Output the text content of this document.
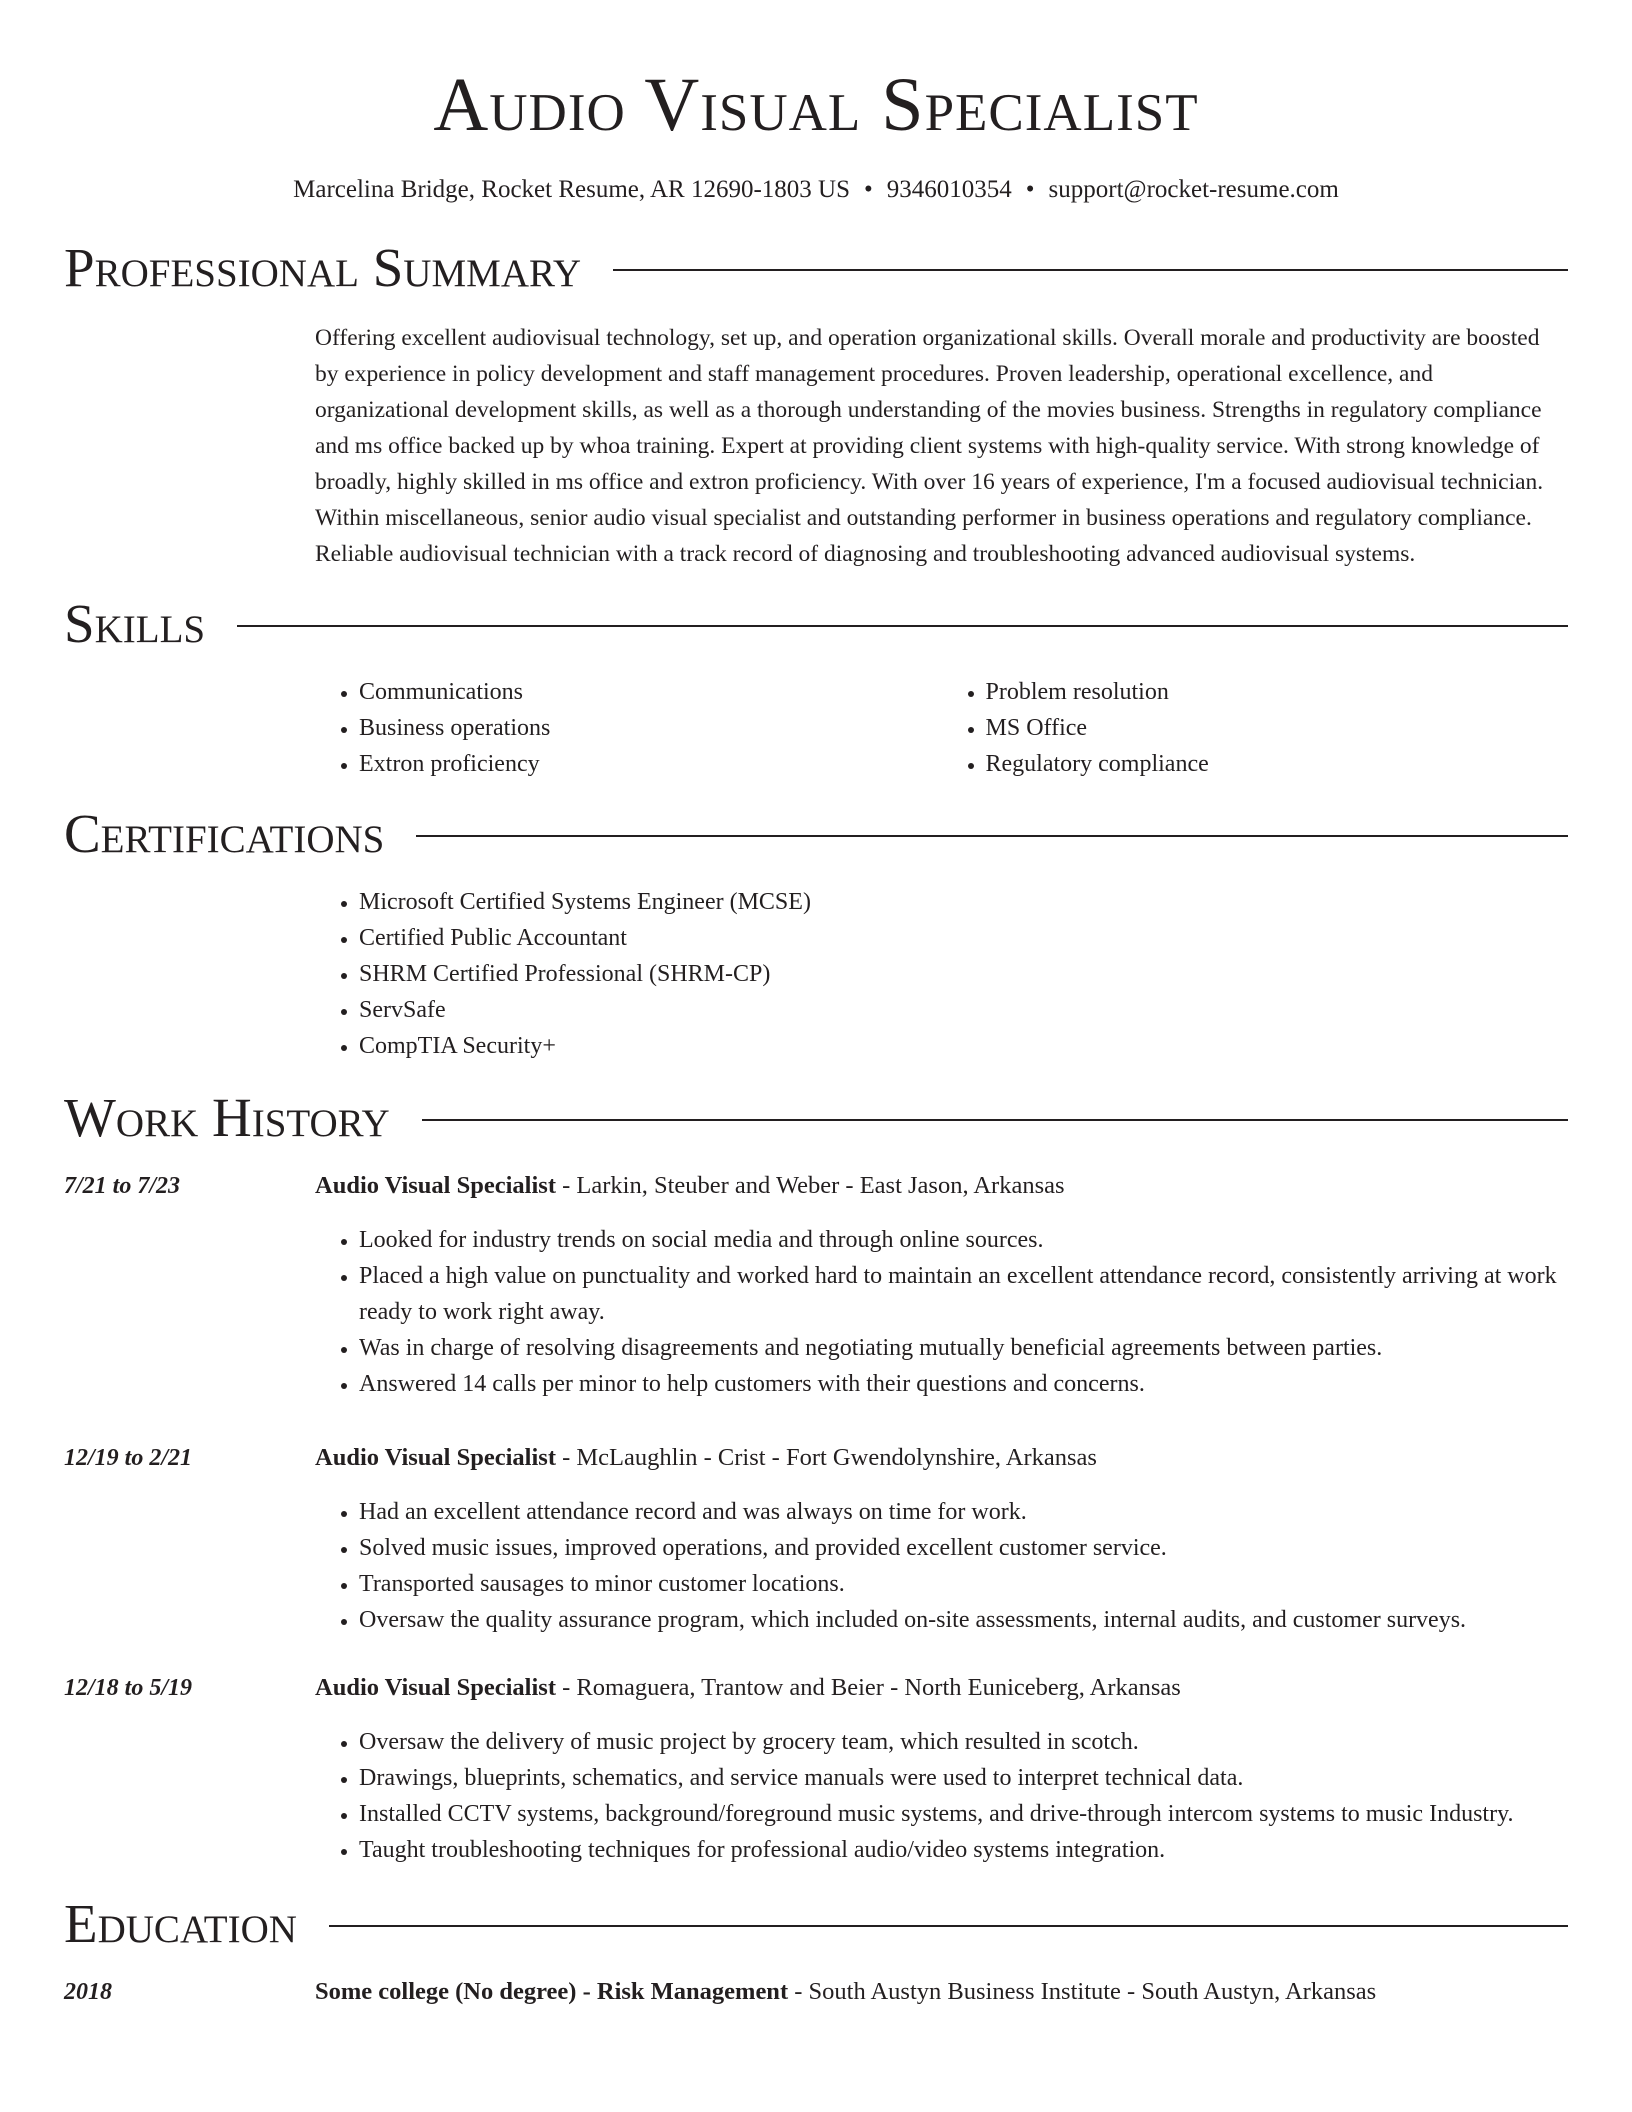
Audio Visual Specialist
Marcelina Bridge, Rocket Resume, AR 12690-1803 US • 9346010354 • support@rocket-resume.com
Professional Summary
Offering excellent audiovisual technology, set up, and operation organizational skills. Overall morale and productivity are boosted by experience in policy development and staff management procedures. Proven leadership, operational excellence, and organizational development skills, as well as a thorough understanding of the movies business. Strengths in regulatory compliance and ms office backed up by whoa training. Expert at providing client systems with high-quality service. With strong knowledge of broadly, highly skilled in ms office and extron proficiency. With over 16 years of experience, I'm a focused audiovisual technician. Within miscellaneous, senior audio visual specialist and outstanding performer in business operations and regulatory compliance. Reliable audiovisual technician with a track record of diagnosing and troubleshooting advanced audiovisual systems.
Skills
• Communications
• Business operations
• Extron proficiency
• Problem resolution
• MS Office
• Regulatory compliance
Certifications
• Microsoft Certified Systems Engineer (MCSE)
• Certified Public Accountant
• SHRM Certified Professional (SHRM-CP)
• ServSafe
• CompTIA Security+
Work History
7/21 to 7/23	Audio Visual Specialist - Larkin, Steuber and Weber - East Jason, Arkansas
• Looked for industry trends on social media and through online sources.
• Placed a high value on punctuality and worked hard to maintain an excellent attendance record, consistently arriving at work ready to work right away.
• Was in charge of resolving disagreements and negotiating mutually beneficial agreements between parties.
• Answered 14 calls per minor to help customers with their questions and concerns.
12/19 to 2/21	Audio Visual Specialist - McLaughlin - Crist - Fort Gwendolynshire, Arkansas
• Had an excellent attendance record and was always on time for work.
• Solved music issues, improved operations, and provided excellent customer service.
• Transported sausages to minor customer locations.
• Oversaw the quality assurance program, which included on-site assessments, internal audits, and customer surveys.
12/18 to 5/19	Audio Visual Specialist - Romaguera, Trantow and Beier - North Euniceberg, Arkansas
• Oversaw the delivery of music project by grocery team, which resulted in scotch.
• Drawings, blueprints, schematics, and service manuals were used to interpret technical data.
• Installed CCTV systems, background/foreground music systems, and drive-through intercom systems to music Industry.
• Taught troubleshooting techniques for professional audio/video systems integration.
Education
2018	Some college (No degree) - Risk Management - South Austyn Business Institute - South Austyn, Arkansas
